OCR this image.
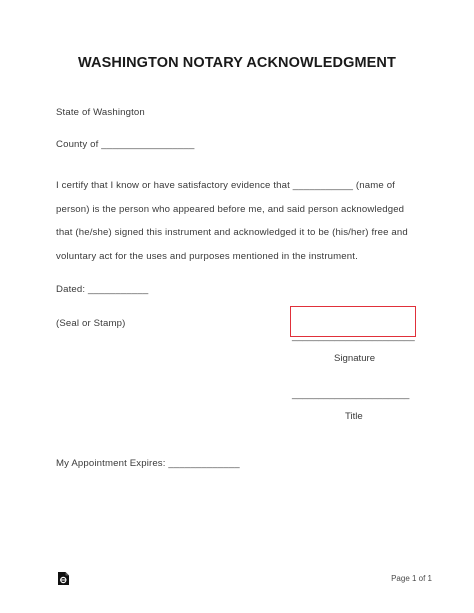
WASHINGTON NOTARY ACKNOWLEDGMENT
State of Washington
County of _________________
I certify that I know or have satisfactory evidence that ___________ (name of
person) is the person who appeared before me, and said person acknowledged
that (he/she) signed this instrument and acknowledged it to be (his/her) free and
voluntary act for the uses and purposes mentioned in the instrument.
Dated: ___________
(Seal or Stamp)
_______________________
Signature
______________________
Title
My Appointment Expires: _____________
Page 1 of 1
